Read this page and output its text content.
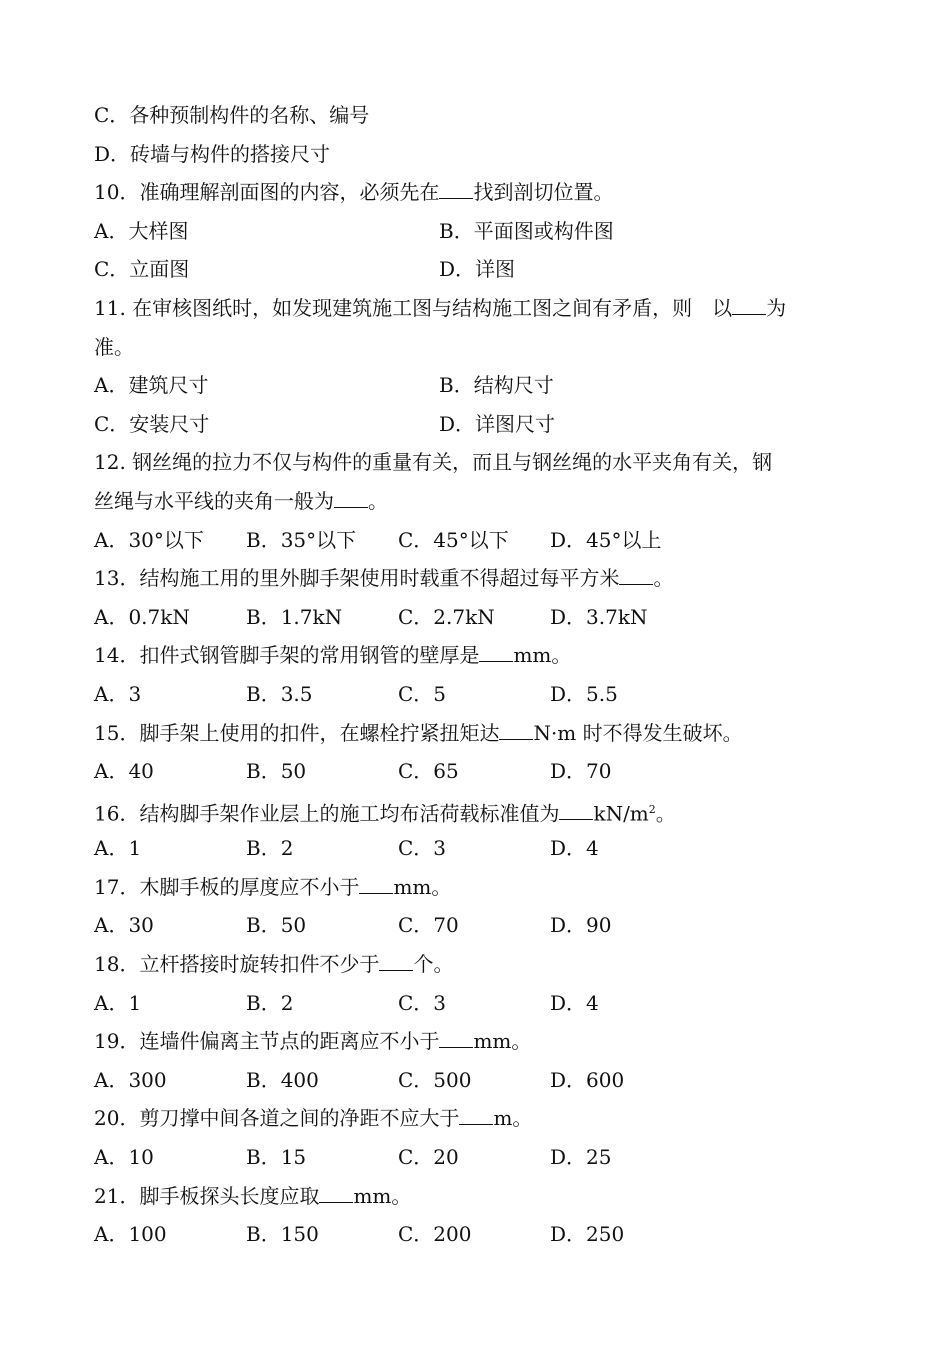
C．各种预制构件的名称、编号
D．砖墙与构件的搭接尺寸
10．准确理解剖面图的内容，必须先在 找到剖切位置。
A．大样图	B．平面图或构件图
C．立面图	D．详图
11. 在审核图纸时，如发现建筑施工图与结构施工图之间有矛盾，则　以 为
准。
A．建筑尺寸	B．结构尺寸
C．安装尺寸	D．详图尺寸
12. 钢丝绳的拉力不仅与构件的重量有关，而且与钢丝绳的水平夹角有关，钢
丝绳与水平线的夹角一般为 。
A．30°以下	B．35°以下	C．45°以下	D．45°以上
13．结构施工用的里外脚手架使用时载重不得超过每平方米 。
A．0.7kN	B．1.7kN	C．2.7kN	D．3.7kN
14．扣件式钢管脚手架的常用钢管的壁厚是 mm。
A．3	B．3.5	C．5	D．5.5
15．脚手架上使用的扣件，在螺栓拧紧扭矩达 N·m 时不得发生破坏。
A．40	B．50	C．65	D．70
16．结构脚手架作业层上的施工均布活荷载标准值为 $kN/m^2$。
A．1	B．2	C．3	D．4
17．木脚手板的厚度应不小于 mm。
A．30	B．50	C．70	D．90
18．立杆搭接时旋转扣件不少于 个。
A．1	B．2	C．3	D．4
19．连墙件偏离主节点的距离应不小于 mm。
A．300	B．400	C．500	D．600
20．剪刀撑中间各道之间的净距不应大于 m。
A．10	B．15	C．20	D．25
21．脚手板探头长度应取 mm。
A．100	B．150	C．200	D．250
